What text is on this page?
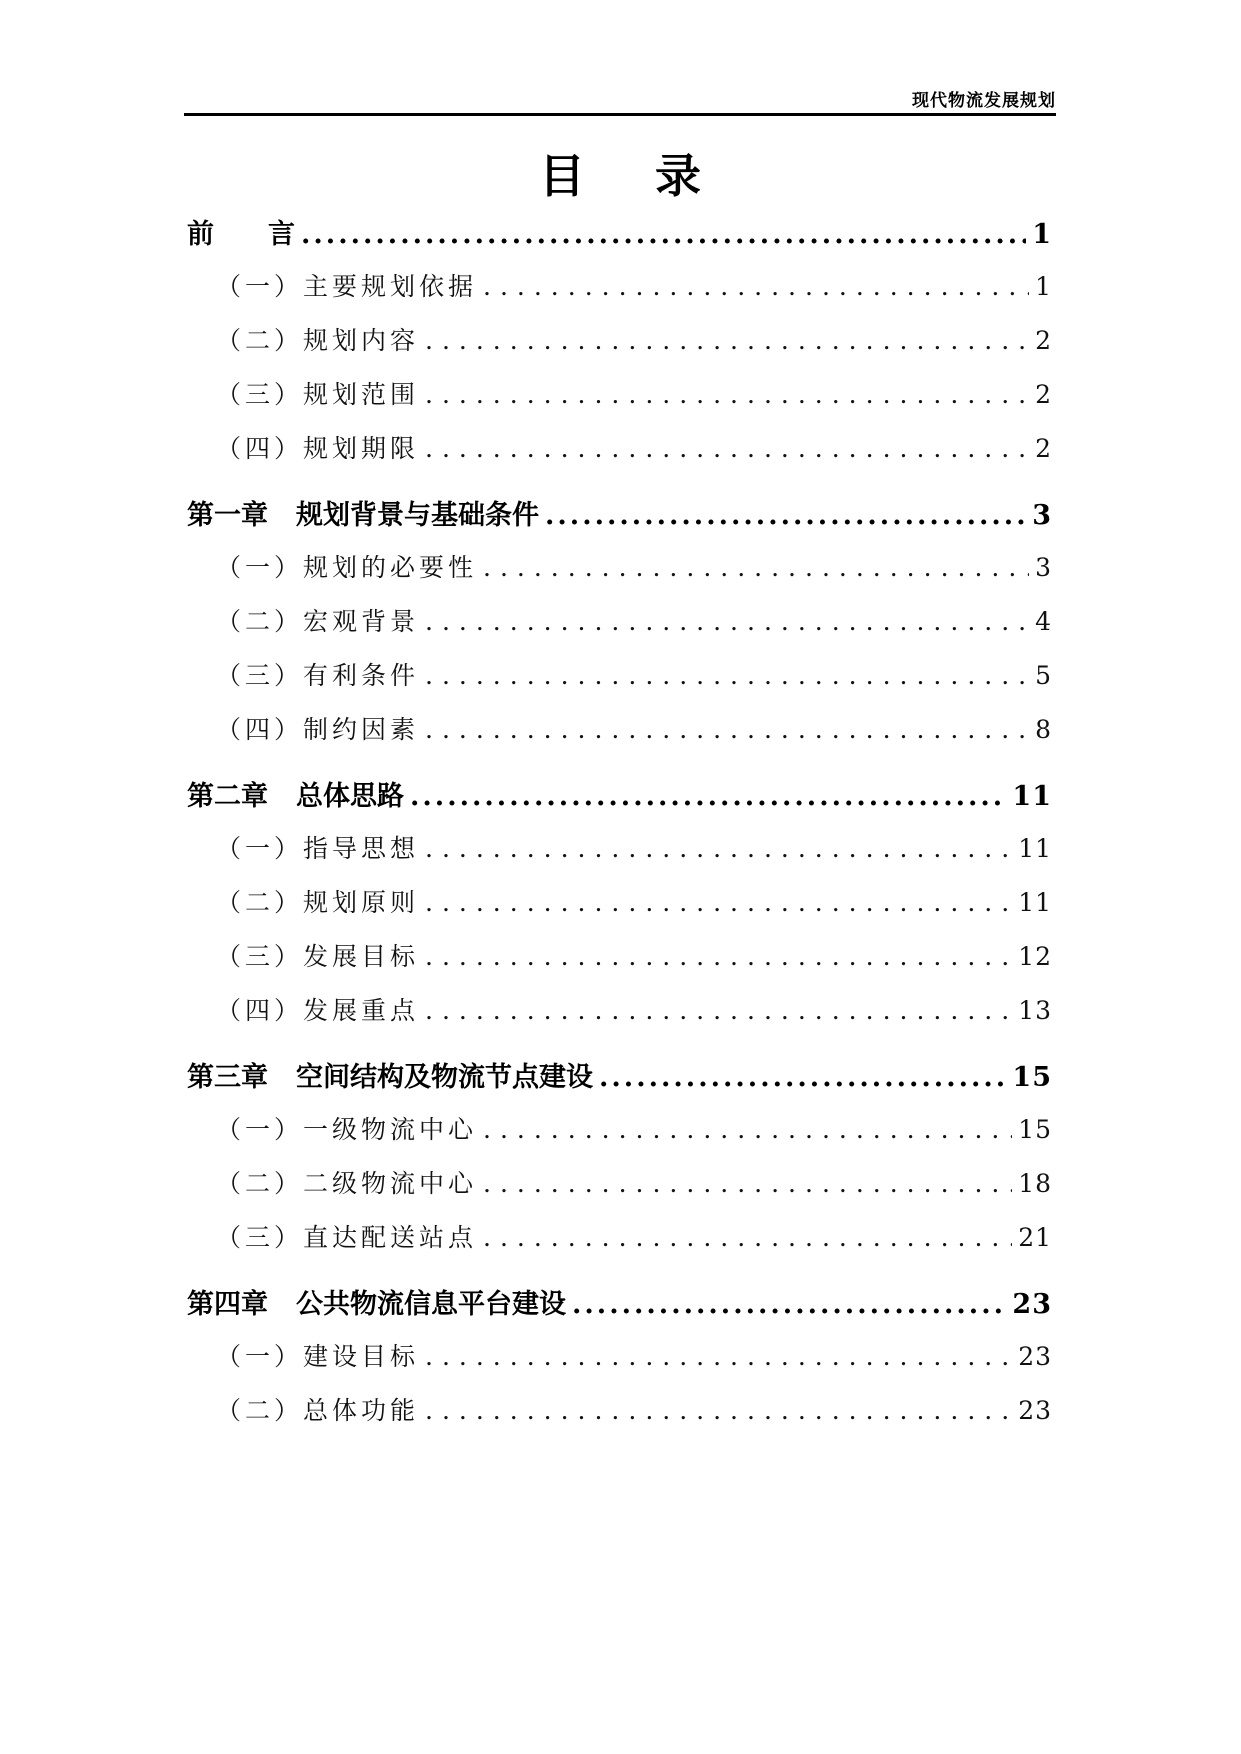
现代物流发展规划
目 录
前　　言 .....	1
（一）主要规划依据 .....	1
（二）规划内容 .....	2
（三）规划范围 .....	2
（四）规划期限 .....	2
第一章 规划背景与基础条件 .....	3
（一）规划的必要性 .....	3
（二）宏观背景 .....	4
（三）有利条件 .....	5
（四）制约因素 .....	8
第二章 总体思路 .....	11
（一）指导思想 .....	11
（二）规划原则 .....	11
（三）发展目标 .....	12
（四）发展重点 .....	13
第三章 空间结构及物流节点建设 .....	15
（一）一级物流中心 .....	15
（二）二级物流中心 .....	18
（三）直达配送站点 .....	21
第四章 公共物流信息平台建设 .....	23
（一）建设目标 .....	23
（二）总体功能 .....	23
